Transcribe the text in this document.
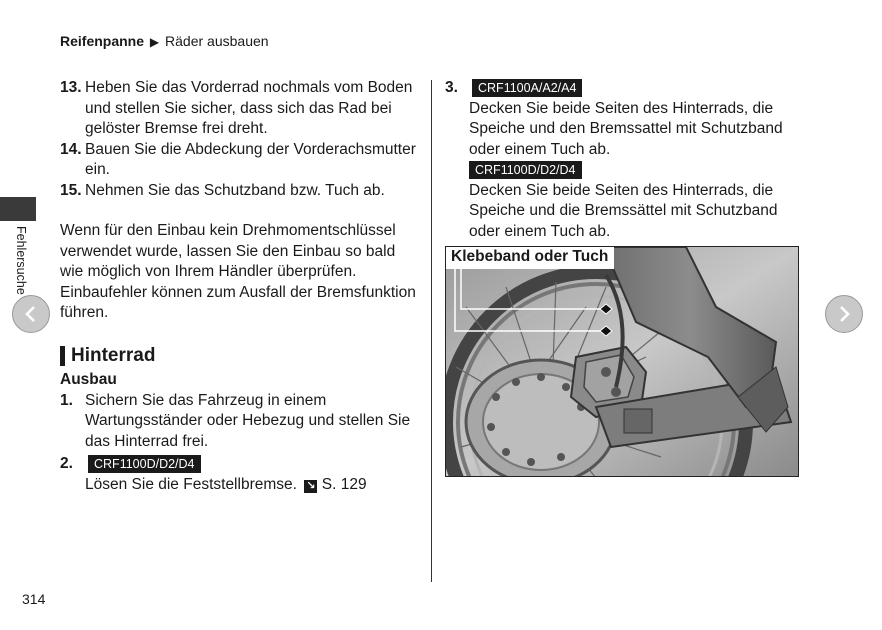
Reifenpanne ▶ Räder ausbauen
Fehlersuche
13. Heben Sie das Vorderrad nochmals vom Boden und stellen Sie sicher, dass sich das Rad bei gelöster Bremse frei dreht.
14. Bauen Sie die Abdeckung der Vorderachsmutter ein.
15. Nehmen Sie das Schutzband bzw. Tuch ab.
Wenn für den Einbau kein Drehmomentschlüssel verwendet wurde, lassen Sie den Einbau so bald wie möglich von Ihrem Händler überprüfen. Einbaufehler können zum Ausfall der Bremsfunktion führen.
Hinterrad
Ausbau
1. Sichern Sie das Fahrzeug in einem Wartungsständer oder Hebezug und stellen Sie das Hinterrad frei.
2. CRF1100D/D2/D4
Lösen Sie die Feststellbremse. ↘ S. 129
3. CRF1100A/A2/A4
Decken Sie beide Seiten des Hinterrads, die Speiche und den Bremssattel mit Schutzband oder einem Tuch ab.
CRF1100D/D2/D4
Decken Sie beide Seiten des Hinterrads, die Speiche und die Bremssättel mit Schutzband oder einem Tuch ab.
Klebeband oder Tuch
314
